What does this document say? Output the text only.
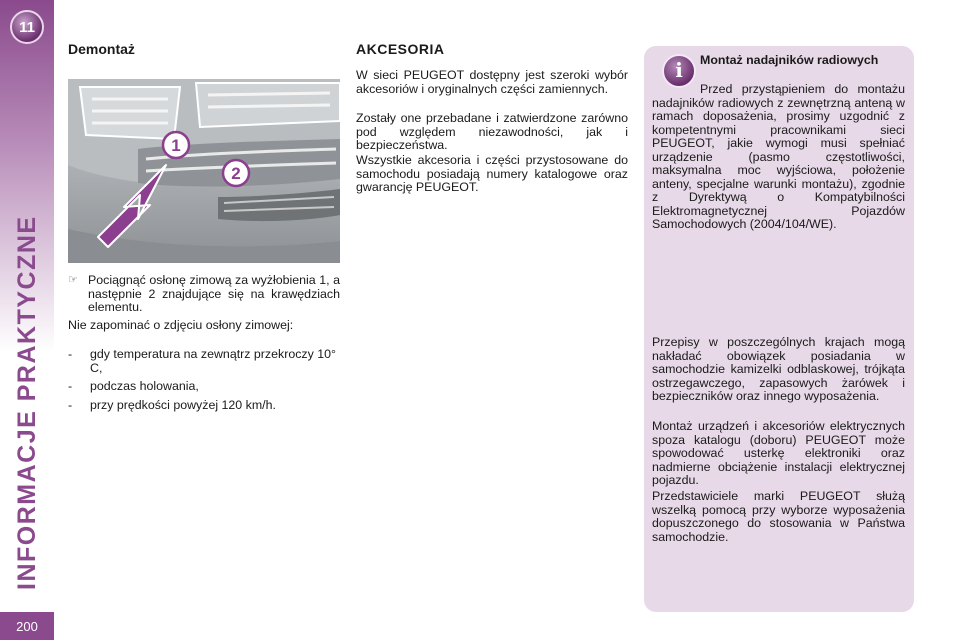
11
INFORMACJE PRAKTYCZNE
200
Demontaż
1
2
☞ Pociągnąć osłonę zimową za wyżłobienia 1, a następnie 2 znajdujące się na krawędziach elementu.

Nie zapominać o zdjęciu osłony zimowej:

-	gdy temperatura na zewnątrz przekroczy 10° C,
-	podczas holowania,
-	przy prędkości powyżej 120 km/h.
AKCESORIA

W sieci PEUGEOT dostępny jest szeroki wybór akcesoriów i oryginalnych części zamiennych.

Zostały one przebadane i zatwierdzone zarówno pod względem niezawodności, jak i bezpieczeństwa.

Wszystkie akcesoria i części przystosowane do samochodu posiadają numery katalogowe oraz gwarancję PEUGEOT.

i	Montaż nadajników radiowych

Przed przystąpieniem do montażu nadajników radiowych z zewnętrzną anteną w ramach doposażenia, prosimy uzgodnić z kompetentnymi pracownikami sieci PEUGEOT, jakie wymogi musi spełniać urządzenie (pasmo częstotliwości, maksymalna moc wyjściowa, położenie anteny, specjalne warunki montażu), zgodnie z Dyrektywą o Kompatybilności Elektromagnetycznej Pojazdów Samochodowych (2004/104/WE).

Przepisy w poszczególnych krajach mogą nakładać obowiązek posiadania w samochodzie kamizelki odblaskowej, trójkąta ostrzegawczego, zapasowych żarówek i bezpieczników oraz innego wyposażenia.

Montaż urządzeń i akcesoriów elektrycznych spoza katalogu (doboru) PEUGEOT może spowodować usterkę elektroniki oraz nadmierne obciążenie instalacji elektrycznej pojazdu.

Przedstawiciele marki PEUGEOT służą wszelką pomocą przy wyborze wyposażenia dopuszczonego do stosowania w Państwa samochodzie.
